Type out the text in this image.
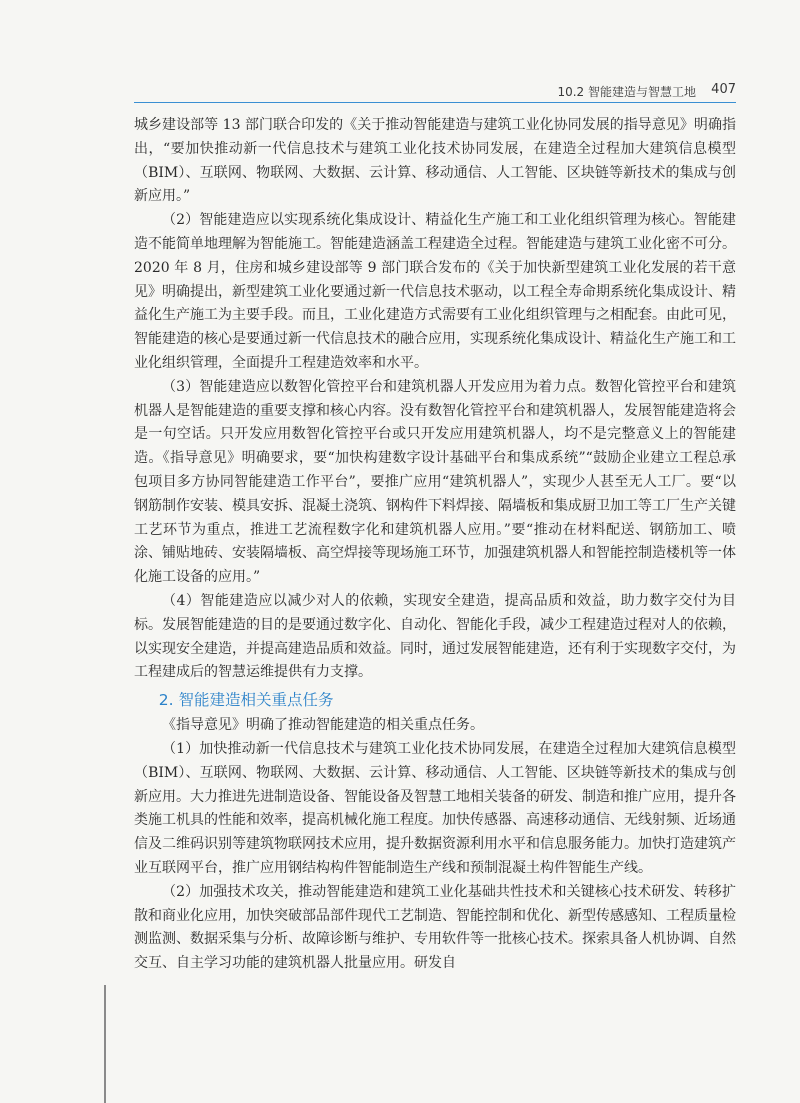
10.2 智能建造与智慧工地 407

城乡建设部等 13 部门联合印发的《关于推动智能建造与建筑工业化协同发展的指导意见》明确指出，“要加快推动新一代信息技术与建筑工业化技术协同发展，在建造全过程加大建筑信息模型（BIM）、互联网、物联网、大数据、云计算、移动通信、人工智能、区块链等新技术的集成与创新应用。”

（2）智能建造应以实现系统化集成设计、精益化生产施工和工业化组织管理为核心。智能建造不能简单地理解为智能施工。智能建造涵盖工程建造全过程。智能建造与建筑工业化密不可分。2020 年 8 月，住房和城乡建设部等 9 部门联合发布的《关于加快新型建筑工业化发展的若干意见》明确提出，新型建筑工业化要通过新一代信息技术驱动，以工程全寿命期系统化集成设计、精益化生产施工为主要手段。而且，工业化建造方式需要有工业化组织管理与之相配套。由此可见，智能建造的核心是要通过新一代信息技术的融合应用，实现系统化集成设计、精益化生产施工和工业化组织管理，全面提升工程建造效率和水平。

（3）智能建造应以数智化管控平台和建筑机器人开发应用为着力点。数智化管控平台和建筑机器人是智能建造的重要支撑和核心内容。没有数智化管控平台和建筑机器人，发展智能建造将会是一句空话。只开发应用数智化管控平台或只开发应用建筑机器人，均不是完整意义上的智能建造。《指导意见》明确要求，要“加快构建数字设计基础平台和集成系统”“鼓励企业建立工程总承包项目多方协同智能建造工作平台”，要推广应用“建筑机器人”，实现少人甚至无人工厂。要“以钢筋制作安装、模具安拆、混凝土浇筑、钢构件下料焊接、隔墙板和集成厨卫加工等工厂生产关键工艺环节为重点，推进工艺流程数字化和建筑机器人应用。”要“推动在材料配送、钢筋加工、喷涂、铺贴地砖、安装隔墙板、高空焊接等现场施工环节，加强建筑机器人和智能控制造楼机等一体化施工设备的应用。”

（4）智能建造应以减少对人的依赖，实现安全建造，提高品质和效益，助力数字交付为目标。发展智能建造的目的是要通过数字化、自动化、智能化手段，减少工程建造过程对人的依赖，以实现安全建造，并提高建造品质和效益。同时，通过发展智能建造，还有利于实现数字交付，为工程建成后的智慧运维提供有力支撑。

2. 智能建造相关重点任务

《指导意见》明确了推动智能建造的相关重点任务。

（1）加快推动新一代信息技术与建筑工业化技术协同发展，在建造全过程加大建筑信息模型（BIM）、互联网、物联网、大数据、云计算、移动通信、人工智能、区块链等新技术的集成与创新应用。大力推进先进制造设备、智能设备及智慧工地相关装备的研发、制造和推广应用，提升各类施工机具的性能和效率，提高机械化施工程度。加快传感器、高速移动通信、无线射频、近场通信及二维码识别等建筑物联网技术应用，提升数据资源利用水平和信息服务能力。加快打造建筑产业互联网平台，推广应用钢结构构件智能制造生产线和预制混凝土构件智能生产线。

（2）加强技术攻关，推动智能建造和建筑工业化基础共性技术和关键核心技术研发、转移扩散和商业化应用，加快突破部品部件现代工艺制造、智能控制和优化、新型传感感知、工程质量检测监测、数据采集与分析、故障诊断与维护、专用软件等一批核心技术。探索具备人机协调、自然交互、自主学习功能的建筑机器人批量应用。研发自
